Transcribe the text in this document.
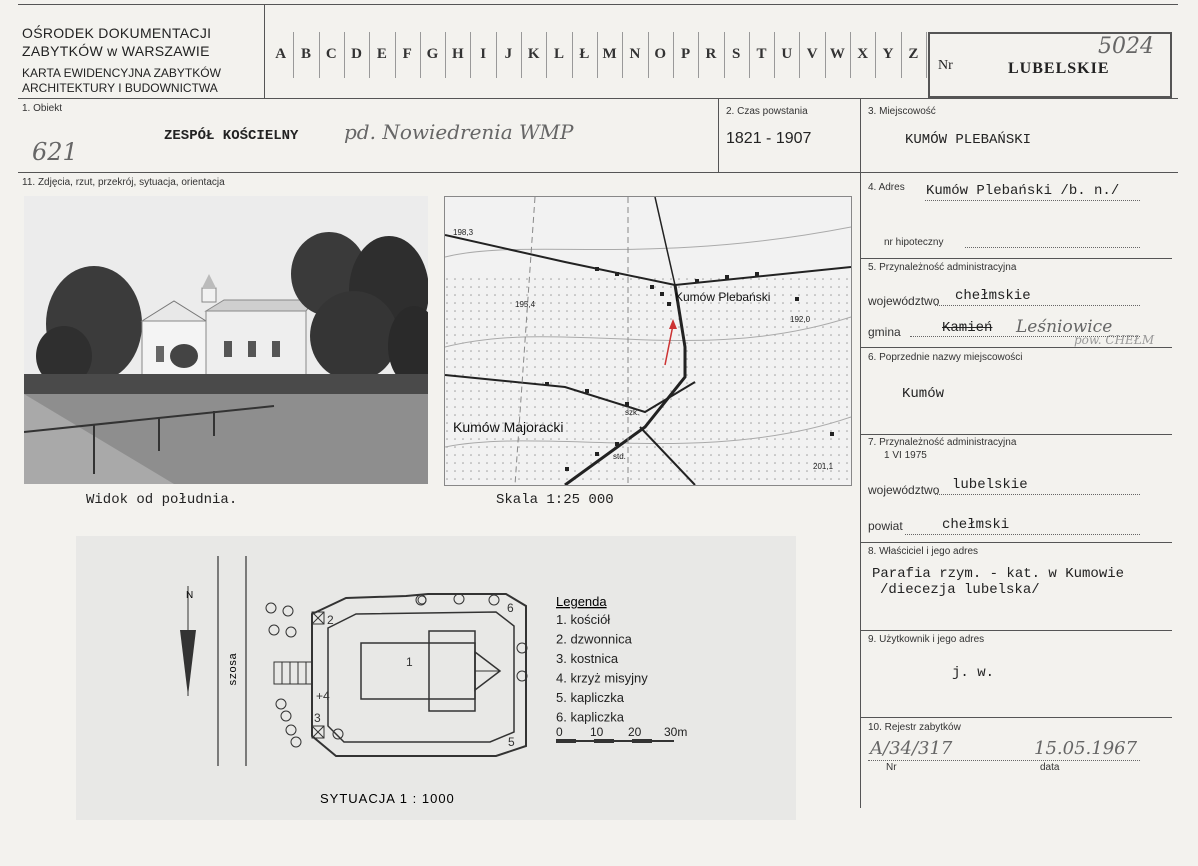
OŚRODEK DOKUMENTACJI
ZABYTKÓW w WARSZAWIE
KARTA EWIDENCYJNA ZABYTKÓW
ARCHITEKTURY I BUDOWNICTWA
A B C D E	F G H	I	J	K L	Ł M N O P	R	S	T U V W X Y Z
Nr	LUBELSKIE
5024
1. Obiekt
ZESPÓŁ KOŚCIELNY pd. Nowiedrenia WMP
621
2. Czas powstania
1821 - 1907
3. Miejscowość
KUMÓW PLEBAŃSKI
11. Zdjęcia, rzut, przekrój, sytuacja, orientacja
Widok od południa.
Kumów Plebański
Kumów Majoracki
198,3
195,4
192,0
szk.
std.
201,1
Skala 1:25 000
N
szosa	1
2
3
+4
5
6	Legenda
1. kościół
2. dzwonnica
3. kostnica
4. krzyż misyjny
5. kapliczka
6. kapliczka
0 10 20 30m
SYTUACJA 1 : 1000
4. Adres Kumów Plebański /b. n./
nr hipoteczny
5. Przynależność administracyjna
województwo chełmskie
gmina	Kamień Leśniowice
pow. CHEŁM
6. Poprzednie nazwy miejscowości
Kumów
7. Przynależność administracyjna
1 VI 1975
województwo lubelskie
powiat	chełmski
8. Właściciel i jego adres
Parafia rzym. - kat. w Kumowie
/diecezja lubelska/
9. Użytkownik i jego adres
j. w.
10. Rejestr zabytków
A/34/317	15.05.1967
Nr	data
